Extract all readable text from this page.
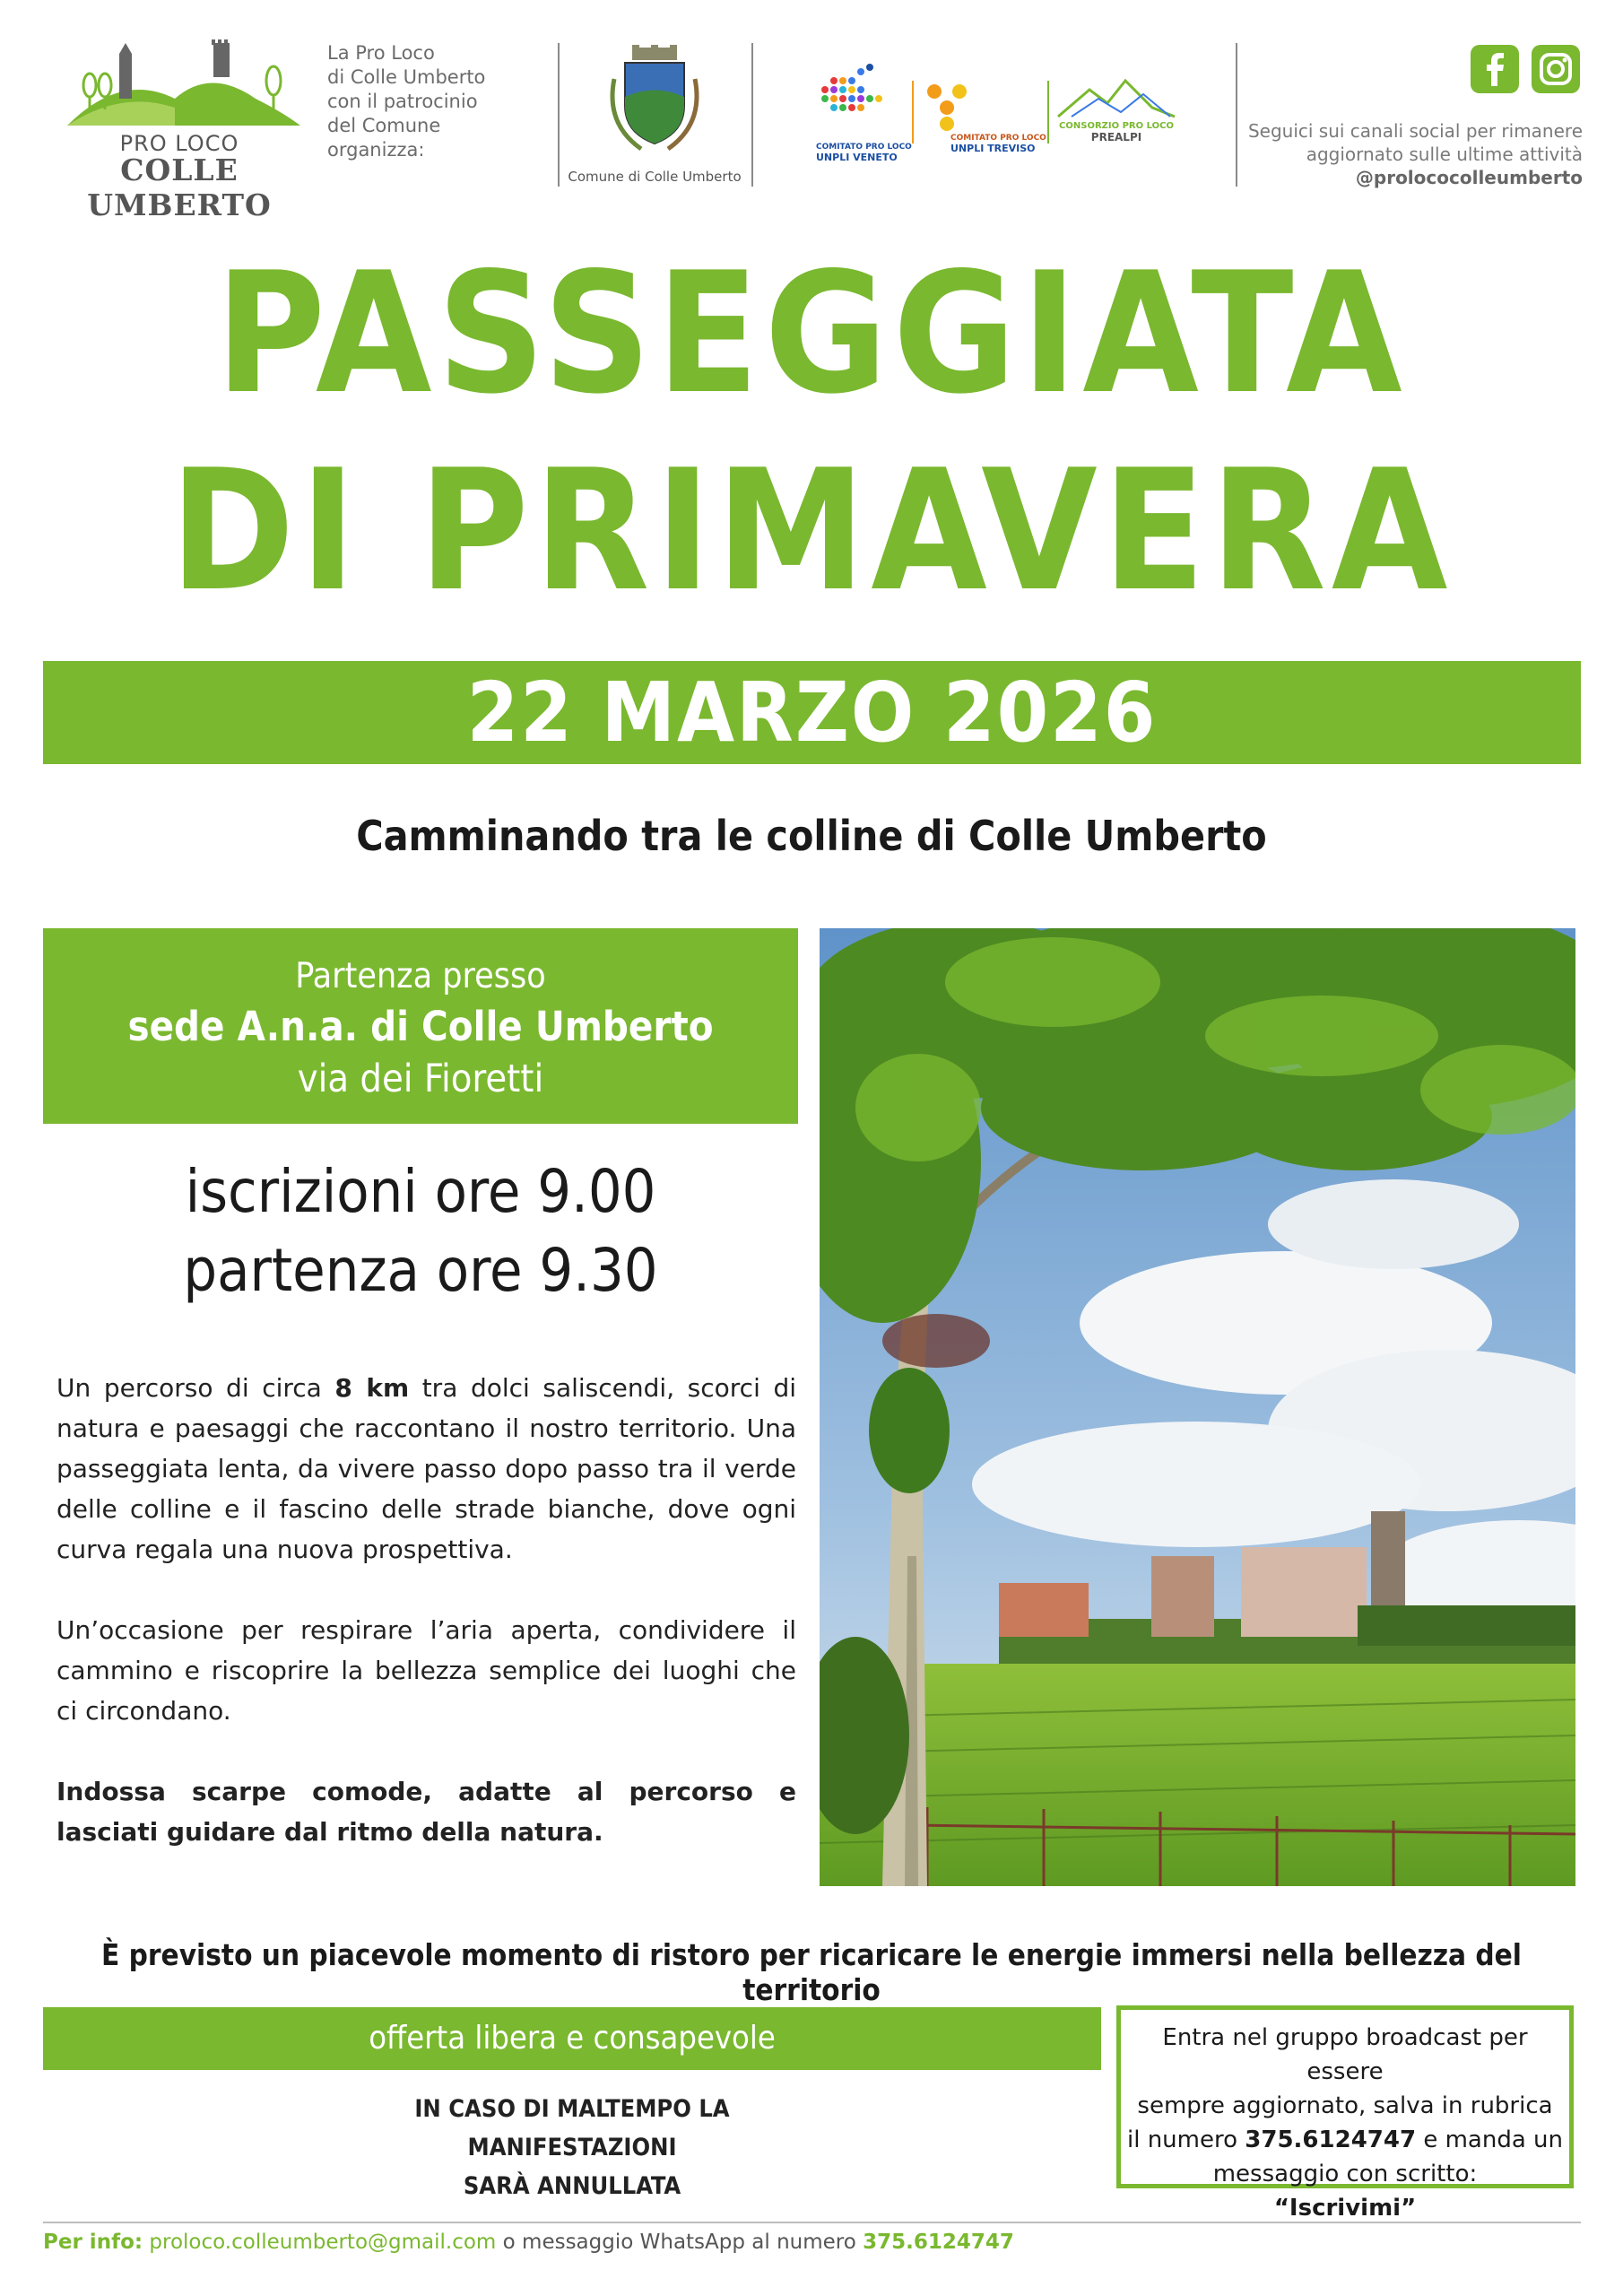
PRO LOCO
COLLE UMBERTO
La Pro Loco
di Colle Umberto
con il patrocinio
del Comune
organizza:
Comune di Colle Umberto
COMITATO PRO LOCO
UNPLI VENETO
COMITATO PRO LOCO
UNPLI TREVISO
CONSORZIO PRO LOCO
PREALPI	Seguici sui canali social per rimanere
aggiornato sulle ultime attività
@prolococolleumberto
PASSEGGIATA
DI PRIMAVERA
22 MARZO 2026
Camminando tra le colline di Colle Umberto
Partenza presso
sede A.n.a. di Colle Umberto
via dei Fioretti
iscrizioni ore 9.00
partenza ore 9.30

Un percorso di circa 8 km tra dolci saliscendi, scorci di natura e paesaggi che raccontano il nostro territorio. Una passeggiata lenta, da vivere passo dopo passo tra il verde delle colline e il fascino delle strade bianche, dove ogni curva regala una nuova prospettiva.

Un’occasione per respirare l’aria aperta, condividere il cammino e riscoprire la bellezza semplice dei luoghi che ci circondano.

Indossa scarpe comode, adatte al percorso e lasciati guidare dal ritmo della natura.

È previsto un piacevole momento di ristoro per ricaricare le energie immersi nella bellezza del territorio
offerta libera e consapevole
IN CASO DI MALTEMPO LA
MANIFESTAZIONI
SARÀ ANNULLATA
Entra nel gruppo broadcast per essere
sempre aggiornato, salva in rubrica
il numero 375.6124747 e manda un
messaggio con scritto:
“Iscrivimi”
Per info: proloco.colleumberto@gmail.com o messaggio WhatsApp al numero 375.6124747
